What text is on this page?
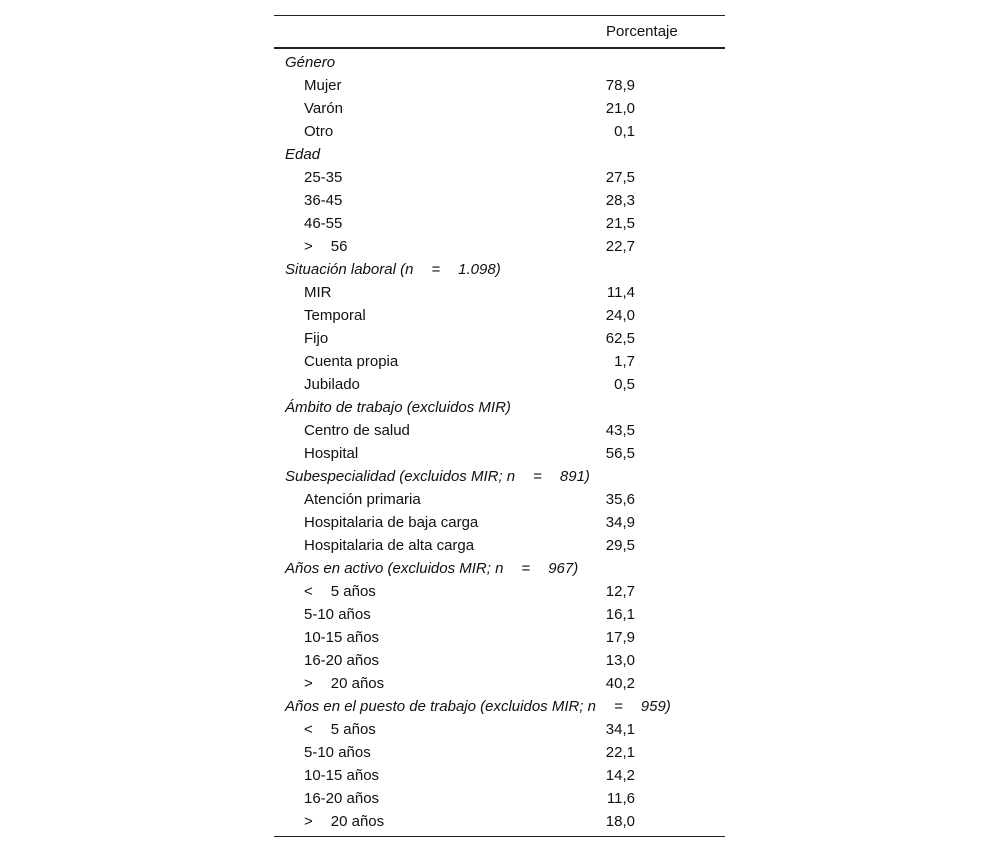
Porcentaje
Género
Mujer	78,9
Varón	21,0
Otro	0,1
Edad
25-35	27,5
36-45	28,3
46-55	21,5
>  56	22,7
Situación laboral (n  =  1.098)
MIR	11,4
Temporal	24,0
Fijo	62,5
Cuenta propia	1,7
Jubilado	0,5
Ámbito de trabajo (excluidos MIR)
Centro de salud	43,5
Hospital	56,5
Subespecialidad (excluidos MIR; n  =  891)
Atención primaria	35,6
Hospitalaria de baja carga	34,9
Hospitalaria de alta carga	29,5
Años en activo (excluidos MIR; n  =  967)
<  5 años	12,7
5-10 años	16,1
10-15 años	17,9
16-20 años	13,0
>  20 años	40,2
Años en el puesto de trabajo (excluidos MIR; n  =  959)
<  5 años	34,1
5-10 años	22,1
10-15 años	14,2
16-20 años	11,6
>  20 años	18,0
